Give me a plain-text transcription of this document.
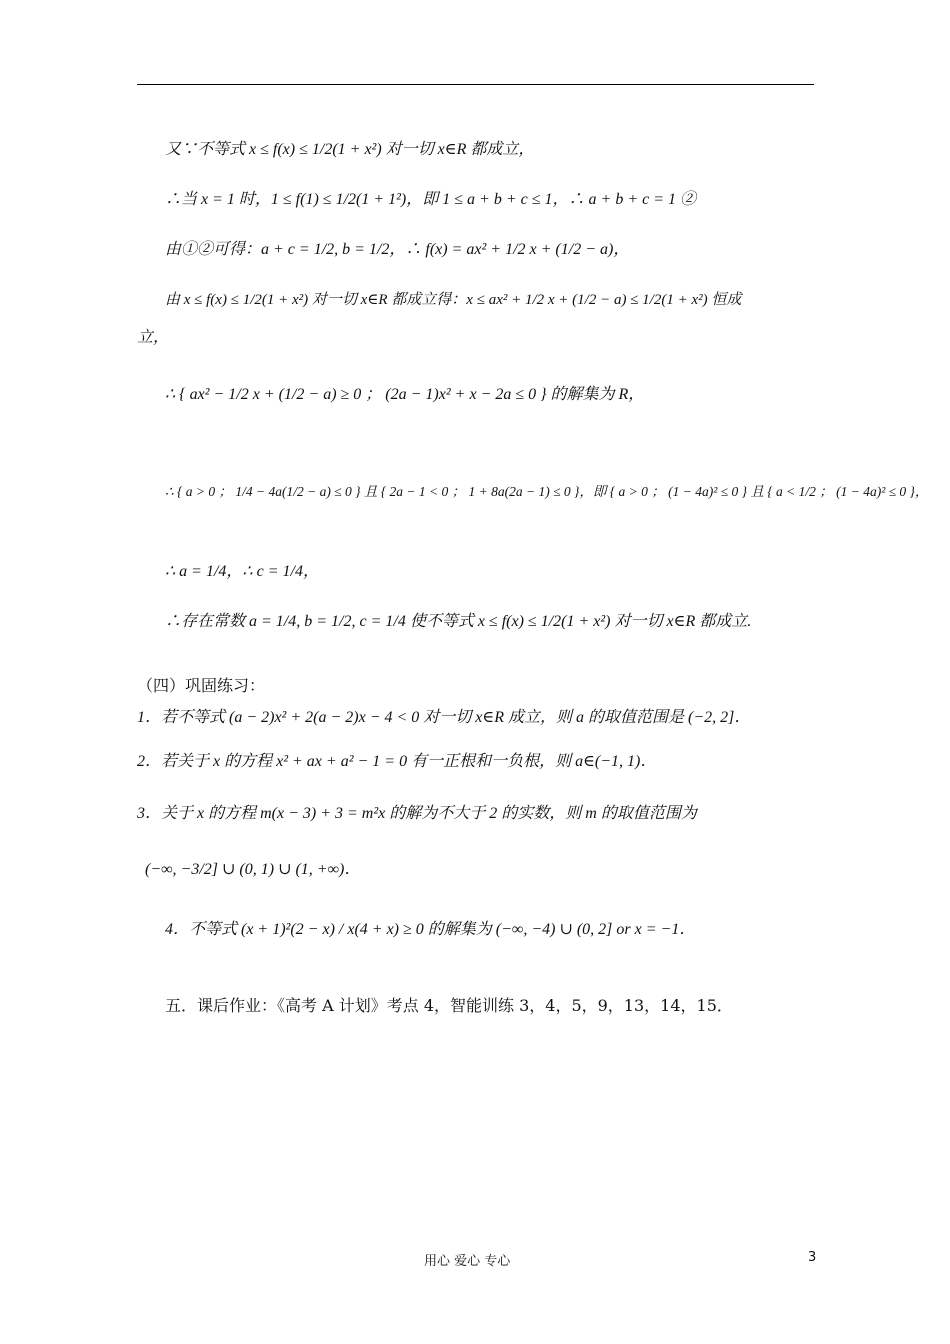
又∵不等式 x ≤ f(x) ≤ 1/2(1 + x²) 对一切 x∈R 都成立，
∴当 x = 1 时，1 ≤ f(1) ≤ 1/2(1 + 1²)，即 1 ≤ a + b + c ≤ 1，∴ a + b + c = 1 ②
由①②可得：a + c = 1/2, b = 1/2，∴ f(x) = ax² + 1/2 x + (1/2 − a)，
由 x ≤ f(x) ≤ 1/2(1 + x²) 对一切 x∈R 都成立得：x ≤ ax² + 1/2 x + (1/2 − a) ≤ 1/2(1 + x²) 恒成
立，
∴ { ax² − 1/2 x + (1/2 − a) ≥ 0 ； (2a − 1)x² + x − 2a ≤ 0 } 的解集为 R，
∴ { a > 0 ； 1/4 − 4a(1/2 − a) ≤ 0 } 且 { 2a − 1 < 0 ； 1 + 8a(2a − 1) ≤ 0 }，即 { a > 0 ； (1 − 4a)² ≤ 0 } 且 { a < 1/2 ； (1 − 4a)² ≤ 0 }，
∴ a = 1/4，∴ c = 1/4，
∴存在常数 a = 1/4, b = 1/2, c = 1/4 使不等式 x ≤ f(x) ≤ 1/2(1 + x²) 对一切 x∈R 都成立.
（四）巩固练习：
1．若不等式 (a − 2)x² + 2(a − 2)x − 4 < 0 对一切 x∈R 成立，则 a 的取值范围是 (−2, 2]．
2．若关于 x 的方程 x² + ax + a² − 1 = 0 有一正根和一负根，则 a∈(−1, 1)．
3．关于 x 的方程 m(x − 3) + 3 = m²x 的解为不大于 2 的实数，则 m 的取值范围为
(−∞, −3/2] ∪ (0, 1) ∪ (1, +∞)．
4．不等式 (x + 1)²(2 − x) / x(4 + x) ≥ 0 的解集为 (−∞, −4) ∪ (0, 2] or x = −1．
五．课后作业：《高考 A 计划》考点 4，智能训练 3，4，5，9，13，14，15．
用心 爱心 专心	3
